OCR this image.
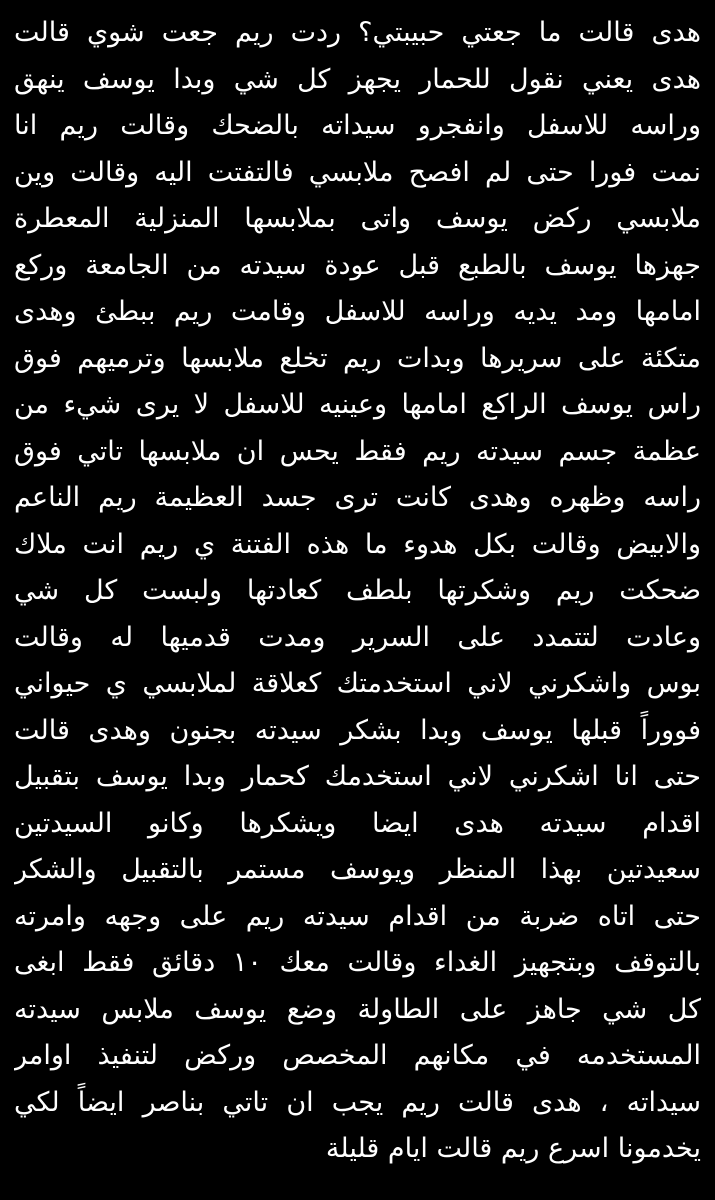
هدى قالت ما جعتي حبيبتي؟ ردت ريم جعت شوي قالت
هدى يعني نقول للحمار يجهز كل شي وبدا يوسف ينهق
وراسه للاسفل وانفجرو سيداته بالضحك وقالت ريم انا
نمت فورا حتى لم افصح ملابسي فالتفتت اليه وقالت وين
ملابسي ركض يوسف واتى بملابسها المنزلية المعطرة
جهزها يوسف بالطبع قبل عودة سيدته من الجامعة وركع
امامها ومد يديه وراسه للاسفل وقامت ريم ببطئ وهدى
متكئة على سريرها وبدات ريم تخلع ملابسها وترميهم فوق
راس يوسف الراكع امامها وعينيه للاسفل لا يرى شيء من
عظمة جسم سيدته ريم فقط يحس ان ملابسها تاتي فوق
راسه وظهره وهدى كانت ترى جسد العظيمة ريم الناعم
والابيض وقالت بكل هدوء ما هذه الفتنة ي ريم انت ملاك
ضحكت ريم وشكرتها بلطف كعادتها ولبست كل شي
وعادت لتتمدد على السرير ومدت قدميها له وقالت
بوس واشكرني لاني استخدمتك كعلاقة لملابسي ي حيواني
فووراً قبلها يوسف وبدا بشكر سيدته بجنون وهدى قالت
حتى انا اشكرني لاني استخدمك كحمار وبدا يوسف بتقبيل
اقدام سيدته هدى ايضا ويشكرها وكانو السيدتين
سعيدتين بهذا المنظر ويوسف مستمر بالتقبيل والشكر
حتى اتاه ضربة من اقدام سيدته ريم على وجهه وامرته
بالتوقف وبتجهيز الغداء وقالت معك ١٠ دقائق فقط ابغى
كل شي جاهز على الطاولة وضع يوسف ملابس سيدته
المستخدمه في مكانهم المخصص وركض لتنفيذ اوامر
سيداته ، هدى قالت ريم يجب ان تاتي بناصر ايضاً لكي
يخدمونا اسرع ريم قالت ايام قليلة
